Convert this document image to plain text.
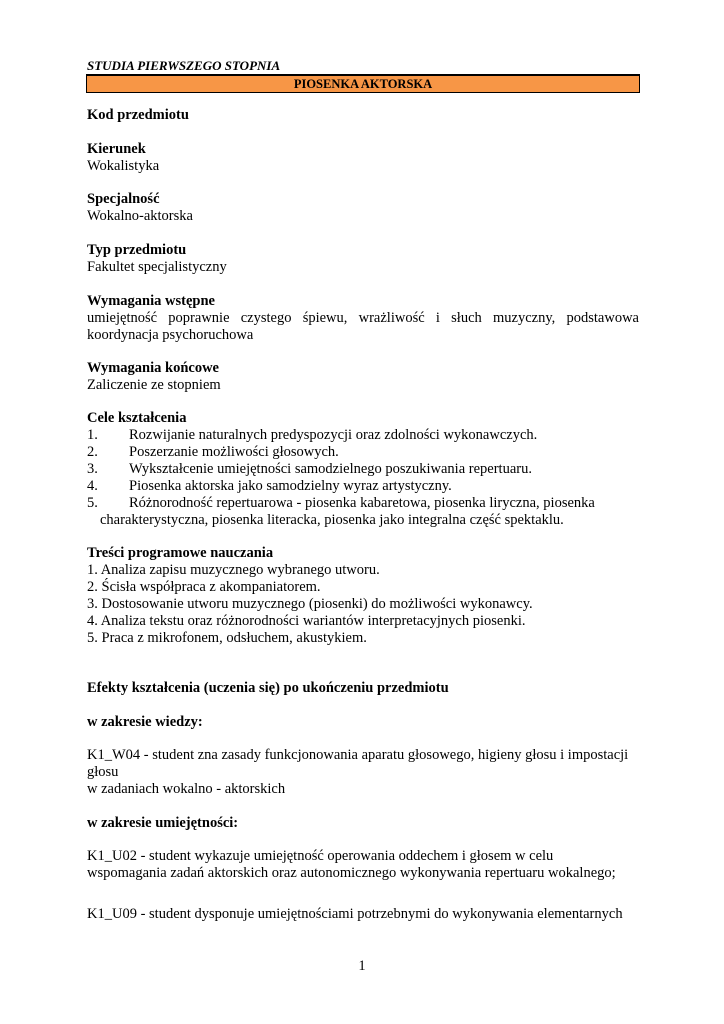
STUDIA PIERWSZEGO STOPNIA
PIOSENKA AKTORSKA
Kod przedmiotu
Kierunek
Wokalistyka
Specjalność
Wokalno-aktorska
Typ przedmiotu
Fakultet specjalistyczny
Wymagania wstępne
umiejętność poprawnie czystego śpiewu, wrażliwość i słuch muzyczny, podstawowa
koordynacja psychoruchowa
Wymagania końcowe
Zaliczenie ze stopniem
Cele kształcenia
1. Rozwijanie naturalnych predyspozycji oraz zdolności wykonawczych.
2. Poszerzanie możliwości głosowych.
3. Wykształcenie umiejętności samodzielnego poszukiwania repertuaru.
4. Piosenka aktorska jako samodzielny wyraz artystyczny.
5. Różnorodność repertuarowa - piosenka kabaretowa, piosenka liryczna, piosenka
charakterystyczna, piosenka literacka, piosenka jako integralna część spektaklu.
Treści programowe nauczania
1. Analiza zapisu muzycznego wybranego utworu.
2. Ścisła współpraca z akompaniatorem.
3. Dostosowanie utworu muzycznego (piosenki) do możliwości wykonawcy.
4. Analiza tekstu oraz różnorodności wariantów interpretacyjnych piosenki.
5. Praca z mikrofonem, odsłuchem, akustykiem.
Efekty kształcenia (uczenia się) po ukończeniu przedmiotu
w zakresie wiedzy:
K1_W04 - student zna zasady funkcjonowania aparatu głosowego, higieny głosu i impostacji
głosu
w zadaniach wokalno - aktorskich
w zakresie umiejętności:
K1_U02 - student wykazuje umiejętność operowania oddechem i głosem w celu
wspomagania zadań aktorskich oraz autonomicznego wykonywania repertuaru wokalnego;
K1_U09 - student dysponuje umiejętnościami potrzebnymi do wykonywania elementarnych
1
